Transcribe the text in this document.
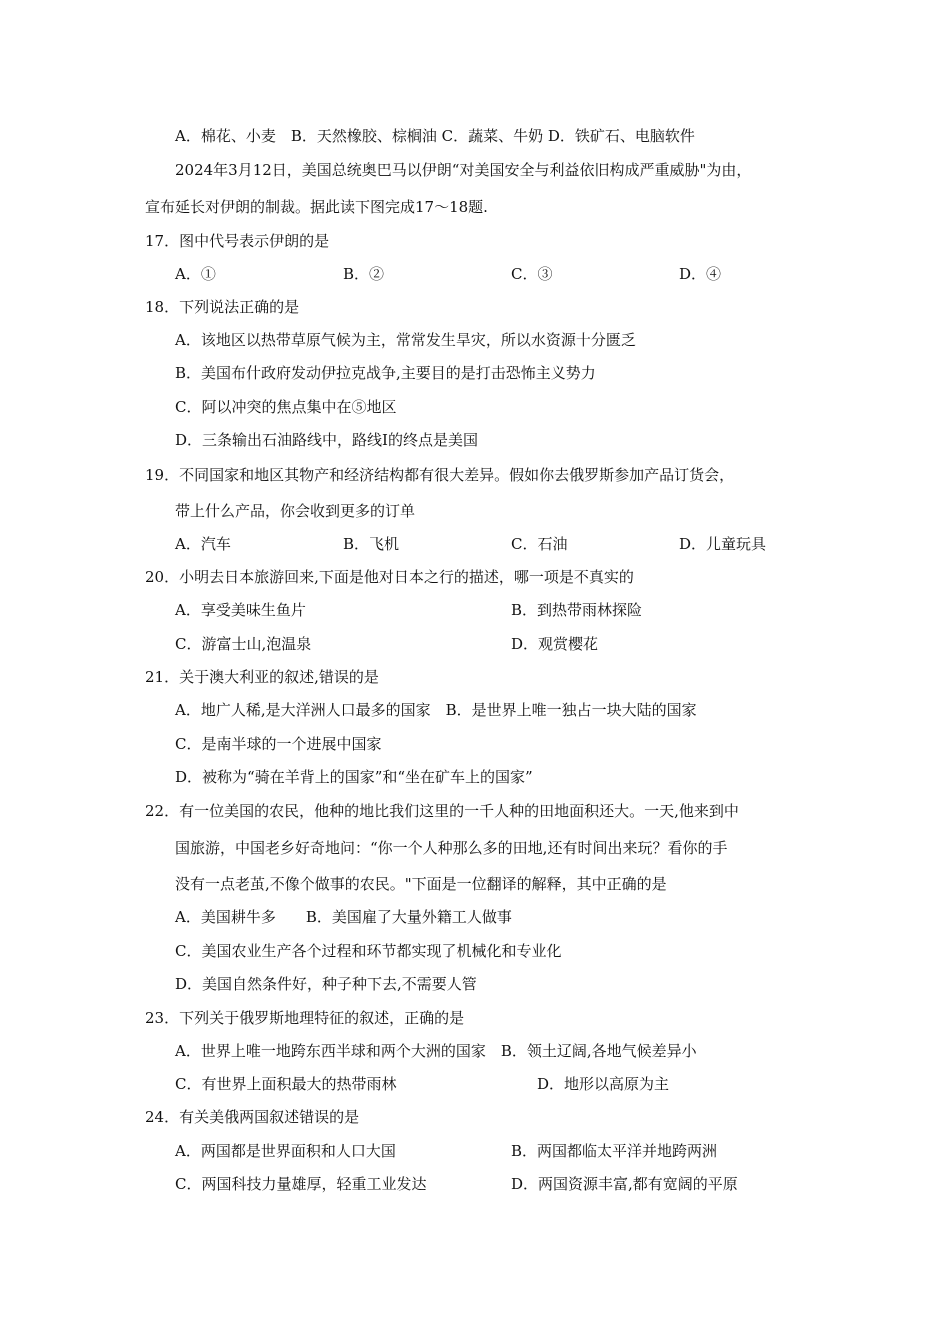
A．棉花、小麦　B．天然橡胶、棕榈油 C．蔬菜、牛奶 D．铁矿石、电脑软件
2024年3月12日，美国总统奥巴马以伊朗“对美国安全与利益依旧构成严重威胁"为由，
宣布延长对伊朗的制裁。据此读下图完成17～18题.
17．图中代号表示伊朗的是
A．①	B．②	C．③	D．④
18．下列说法正确的是
A．该地区以热带草原气候为主，常常发生旱灾，所以水资源十分匮乏
B．美国布什政府发动伊拉克战争,主要目的是打击恐怖主义势力
C．阿以冲突的焦点集中在⑤地区
D．三条输出石油路线中，路线Ⅰ的终点是美国
19．不同国家和地区其物产和经济结构都有很大差异。假如你去俄罗斯参加产品订货会，
带上什么产品，你会收到更多的订单
A．汽车	B．飞机	C．石油	D．儿童玩具
20．小明去日本旅游回来,下面是他对日本之行的描述，哪一项是不真实的
A．享受美味生鱼片	B．到热带雨林探险
C．游富士山,泡温泉	D．观赏樱花
21．关于澳大利亚的叙述,错误的是
A．地广人稀,是大洋洲人口最多的国家　B．是世界上唯一独占一块大陆的国家
C．是南半球的一个进展中国家
D．被称为“骑在羊背上的国家”和“坐在矿车上的国家”
22．有一位美国的农民，他种的地比我们这里的一千人种的田地面积还大。一天,他来到中
国旅游，中国老乡好奇地问：“你一个人种那么多的田地,还有时间出来玩？看你的手
没有一点老茧,不像个做事的农民。"下面是一位翻译的解释，其中正确的是
A．美国耕牛多　　B．美国雇了大量外籍工人做事
C．美国农业生产各个过程和环节都实现了机械化和专业化
D．美国自然条件好，种子种下去,不需要人管
23．下列关于俄罗斯地理特征的叙述，正确的是
A．世界上唯一地跨东西半球和两个大洲的国家　B．领土辽阔,各地气候差异小
C．有世界上面积最大的热带雨林	D．地形以高原为主
24．有关美俄两国叙述错误的是
A．两国都是世界面积和人口大国	B．两国都临太平洋并地跨两洲
C．两国科技力量雄厚，轻重工业发达	D．两国资源丰富,都有宽阔的平原
